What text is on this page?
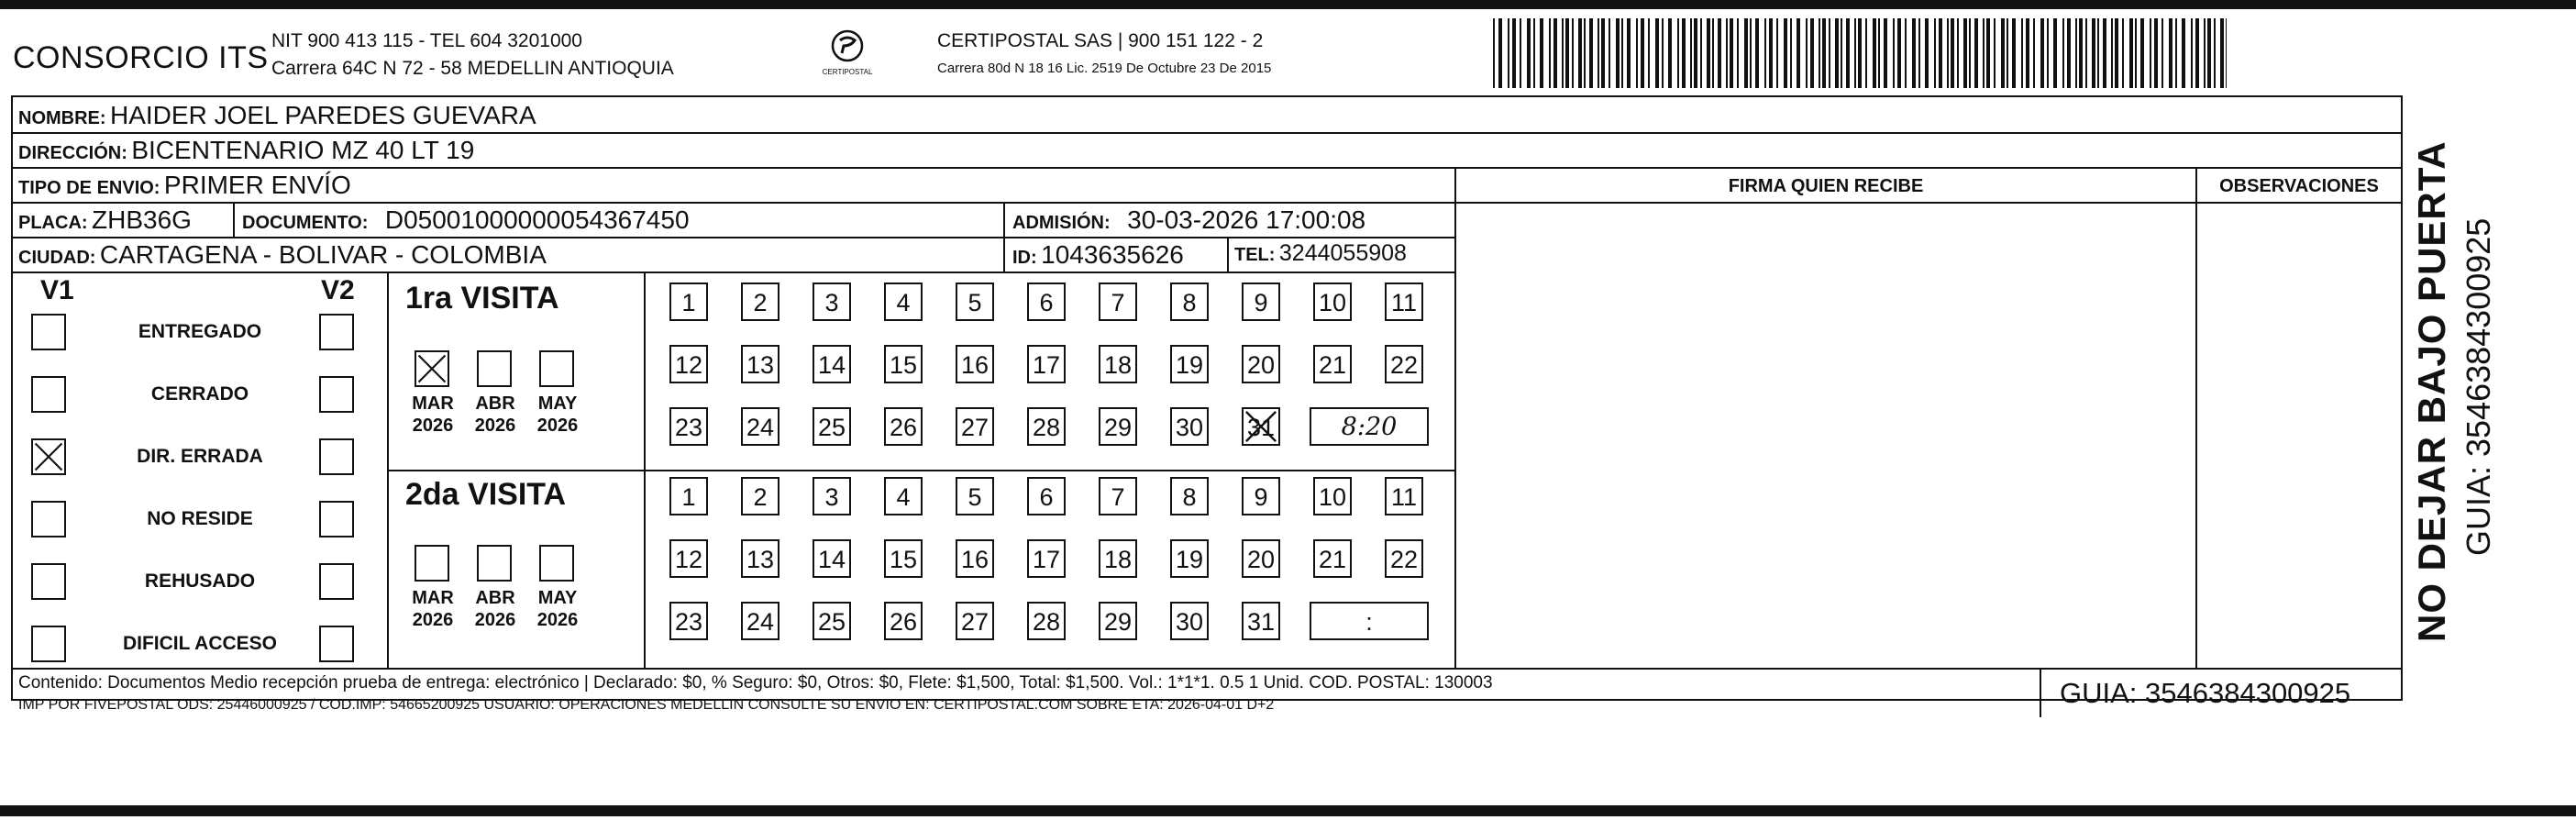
CONSORCIO ITS NIT 900 413 115 - TEL 604 3201000
Carrera 64C N 72 - 58 MEDELLIN ANTIOQUIA	CERTIPOSTAL
CERTIPOSTAL SAS | 900 151 122 - 2
Carrera 80d N 18 16 Lic. 2519 De Octubre 23 De 2015
NOMBRE: HAIDER JOEL PAREDES GUEVARA
DIRECCIÓN: BICENTENARIO MZ 40 LT 19
TIPO DE ENVIO: PRIMER ENVÍO	FIRMA QUIEN RECIBE	OBSERVACIONES
PLACA: ZHB36G	DOCUMENTO: D05001000000054367450	ADMISIÓN: 30-03-2026 17:00:08
CIUDAD: CARTAGENA - BOLIVAR - COLOMBIA	ID: 1043635626	TEL: 3244055908
V1	V2 1ra VISITA
2da VISITA
Contenido: Documentos Medio recepción prueba de entrega: electrónico | Declarado: $0, % Seguro: $0, Otros: $0, Flete: $1,500, Total: $1,500. Vol.: 1*1*1. 0.5 1 Unid. COD. POSTAL: 130003
IMP POR FIVEPOSTAL ODS: 25446000925 / COD.IMP: 54665200925 USUARIO: OPERACIONES MEDELLIN CONSULTE SU ENVIO EN: CERTIPOSTAL.COM SOBRE ETA: 2026-04-01 D+2	GUIA: 3546384300925
ENTREGADO
CERRADO
DIR. ERRADA
NO RESIDE
REHUSADO
DIFICIL ACCESO
MAR
2026
ABR
2026
MAY
2026
MAR
2026
ABR
2026
MAY
2026
1	2	3	4	5	6	7	8	9	10 11
12 13 14 15 16 17 18 19 20 21 22
23 24 25 26 27 28 29 30 31	8:20
1	2	3	4	5	6	7	8	9	10 11
12 13 14 15 16 17 18 19 20 21 22
23 24 25 26 27 28 29 30 31	:	NO DEJAR BAJO PUERTA GUIA: 3546384300925
